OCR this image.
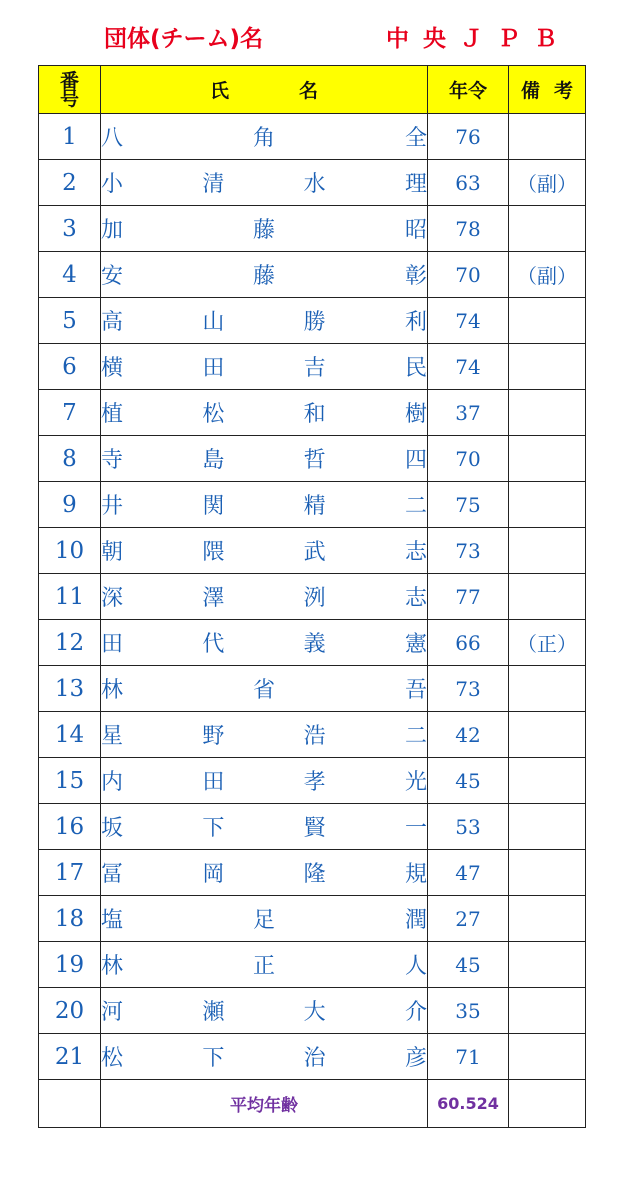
団体(チーム)名	中央ＪＰＢ
番
号	氏 名	年令	備 考
1	八角全	76	
2	小清水理	63	（副）
3	加藤昭	78	
4	安藤彰	70	（副）
5	高山勝利	74	
6	横田吉民	74	
7	植松和樹	37	
8	寺島哲四	70	
9	井関精二	75	
10	朝隈武志	73	
11	深澤洌志	77	
12	田代義憲	66	（正）
13	林省吾	73	
14	星野浩二	42	
15	内田孝光	45	
16	坂下賢一	53	
17	冨岡隆規	47	
18	塩足潤	27	
19	林正人	45	
20	河瀬大介	35	
21	松下治彦	71	
	平均年齢	60.524	
